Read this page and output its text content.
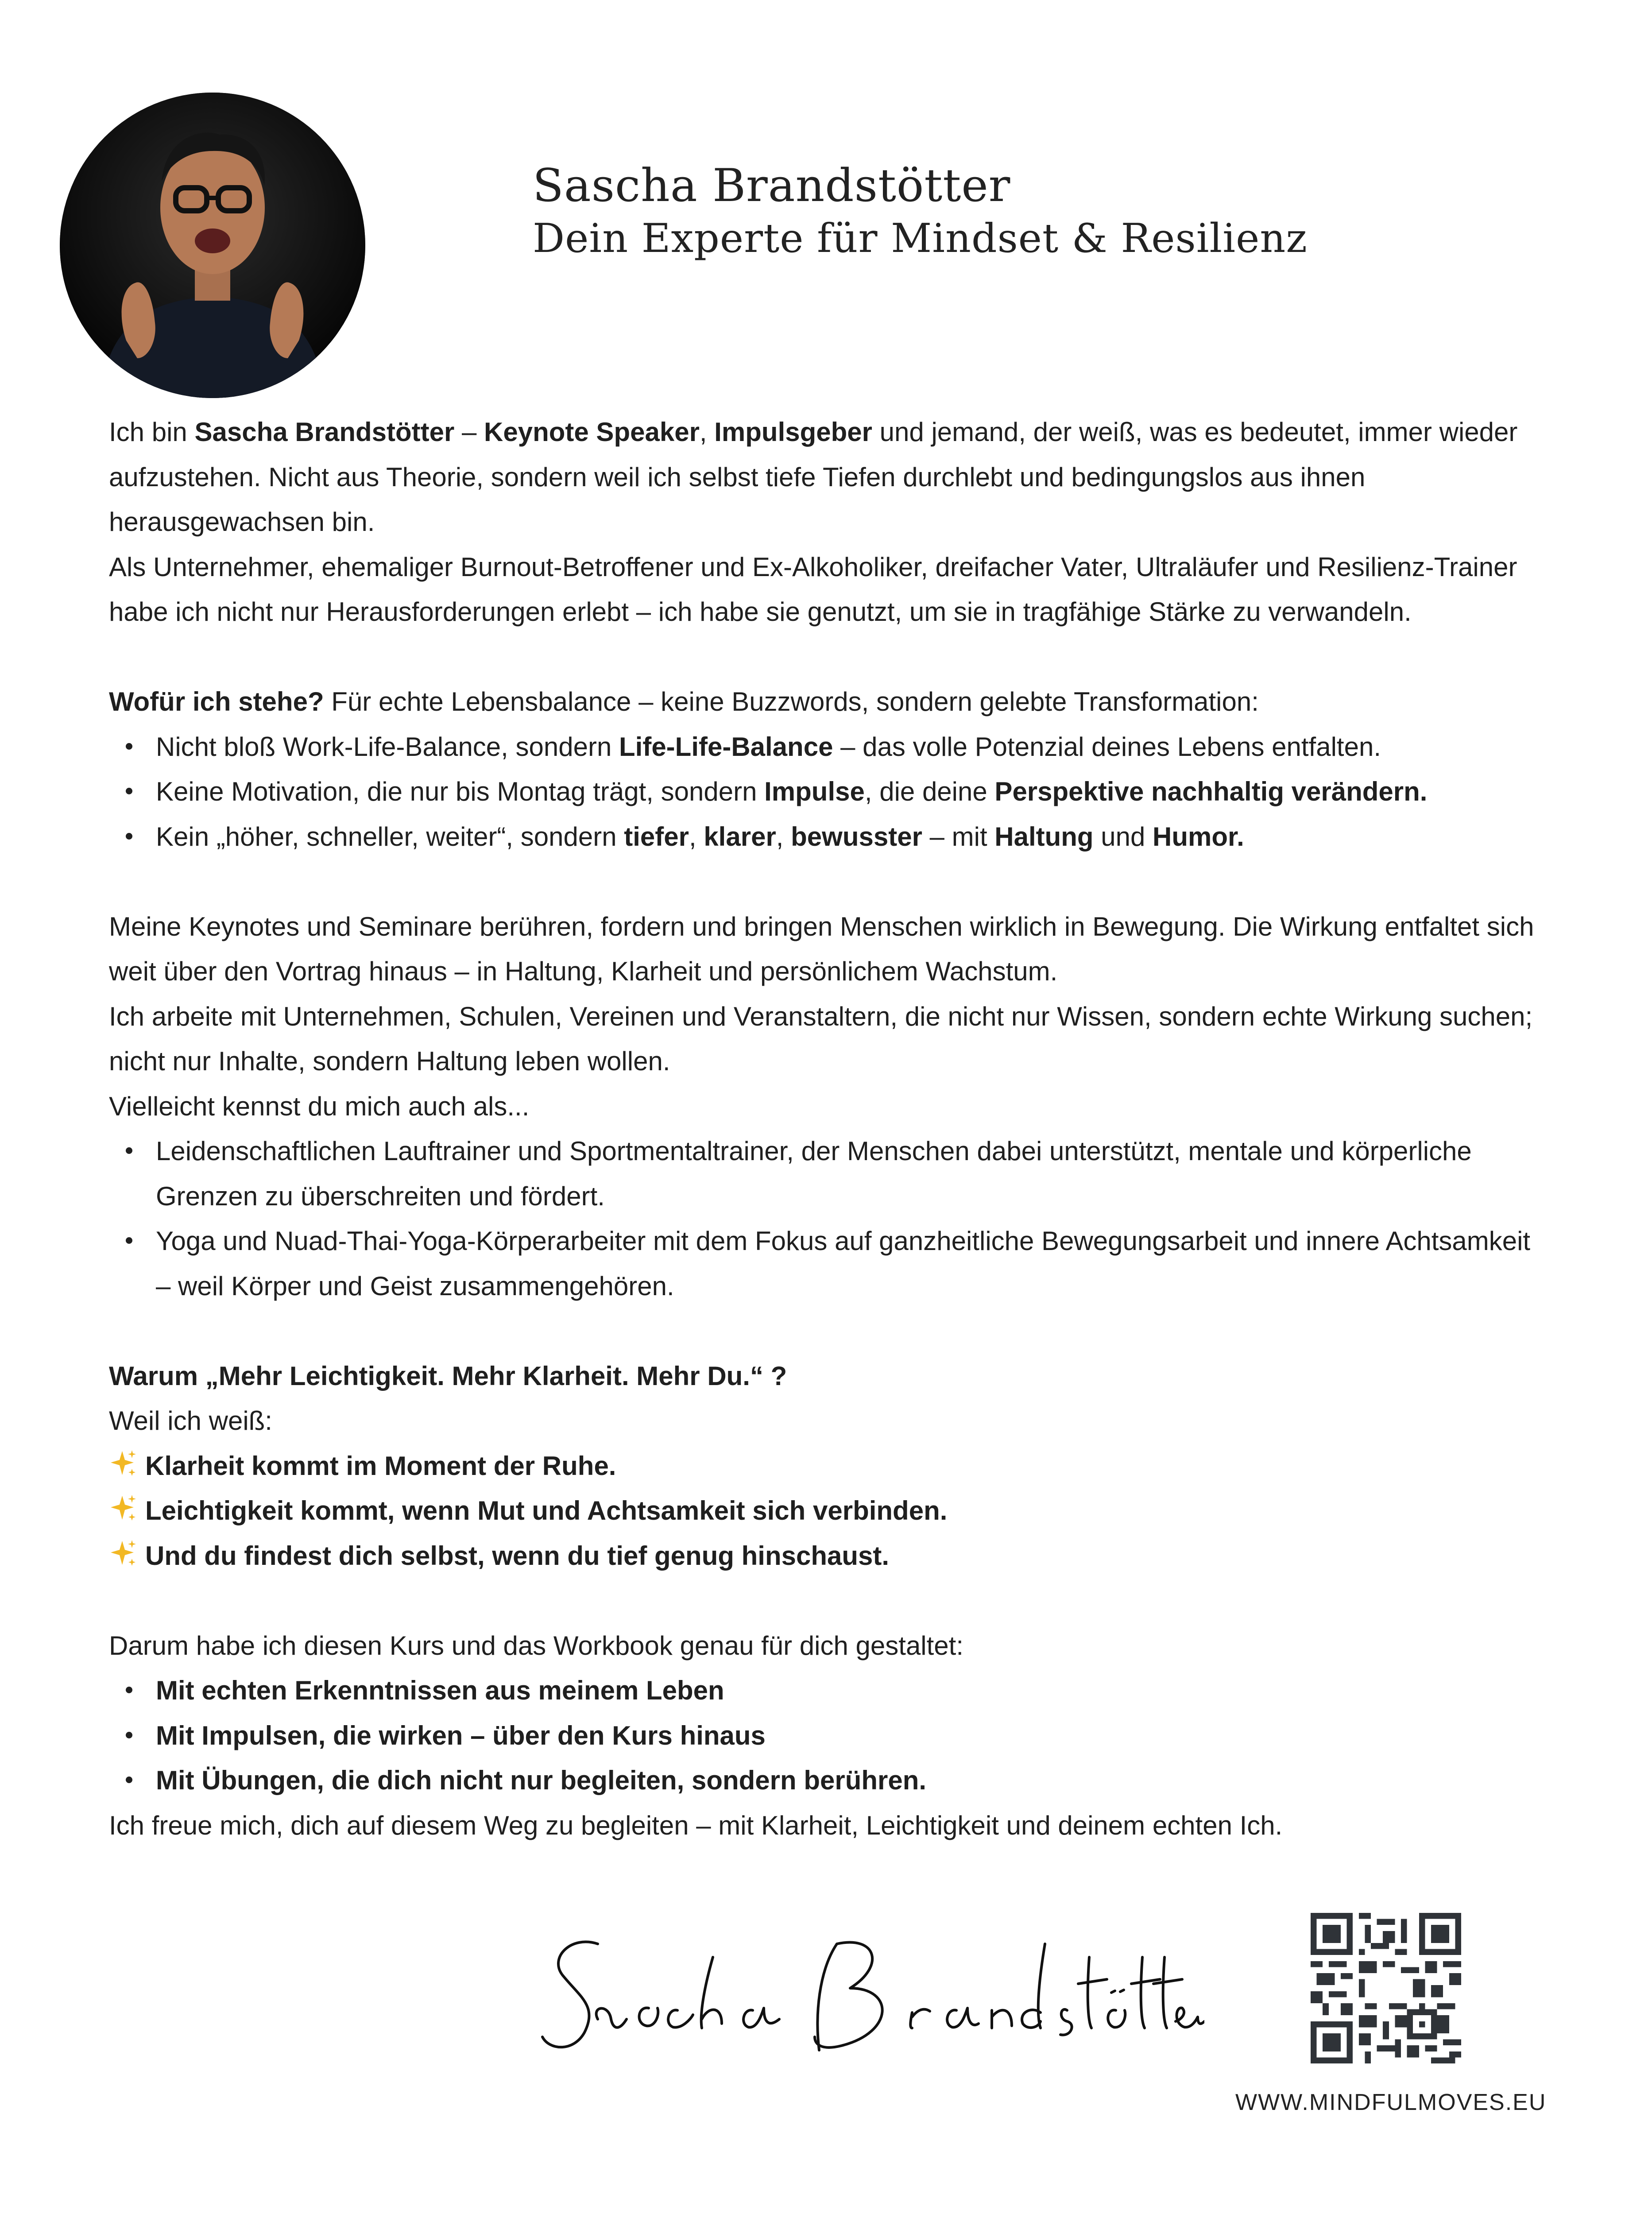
Sascha Brandstötter
Dein Experte für Mindset & Resilienz

Ich bin Sascha Brandstötter – Keynote Speaker, Impulsgeber und jemand, der weiß, was es bedeutet, immer wieder aufzustehen. Nicht aus Theorie, sondern weil ich selbst tiefe Tiefen durchlebt und bedingungslos aus ihnen herausgewachsen bin.

Als Unternehmer, ehemaliger Burnout-Betroffener und Ex-Alkoholiker, dreifacher Vater, Ultraläufer und Resilienz-Trainer habe ich nicht nur Herausforderungen erlebt – ich habe sie genutzt, um sie in tragfähige Stärke zu verwandeln.

Wofür ich stehe? Für echte Lebensbalance – keine Buzzwords, sondern gelebte Transformation:

Nicht bloß Work-Life-Balance, sondern Life-Life-Balance – das volle Potenzial deines Lebens entfalten.
Keine Motivation, die nur bis Montag trägt, sondern Impulse, die deine Perspektive nachhaltig verändern.
Kein „höher, schneller, weiter“, sondern tiefer, klarer, bewusster – mit Haltung und Humor.

Meine Keynotes und Seminare berühren, fordern und bringen Menschen wirklich in Bewegung. Die Wirkung entfaltet sich weit über den Vortrag hinaus – in Haltung, Klarheit und persönlichem Wachstum.

Ich arbeite mit Unternehmen, Schulen, Vereinen und Veranstaltern, die nicht nur Wissen, sondern echte Wirkung suchen; nicht nur Inhalte, sondern Haltung leben wollen.

Vielleicht kennst du mich auch als...

Leidenschaftlichen Lauftrainer und Sportmentaltrainer, der Menschen dabei unterstützt, mentale und körperliche Grenzen zu überschreiten und fördert.
Yoga und Nuad-Thai-Yoga-Körperarbeiter mit dem Fokus auf ganzheitliche Bewegungsarbeit und innere Achtsamkeit – weil Körper und Geist zusammengehören.

Warum „Mehr Leichtigkeit. Mehr Klarheit. Mehr Du.“ ?

Weil ich weiß:

Klarheit kommt im Moment der Ruhe.

Leichtigkeit kommt, wenn Mut und Achtsamkeit sich verbinden.

Und du findest dich selbst, wenn du tief genug hinschaust.

Darum habe ich diesen Kurs und das Workbook genau für dich gestaltet:

Mit echten Erkenntnissen aus meinem Leben
Mit Impulsen, die wirken – über den Kurs hinaus
Mit Übungen, die dich nicht nur begleiten, sondern berühren.

Ich freue mich, dich auf diesem Weg zu begleiten – mit Klarheit, Leichtigkeit und deinem echten Ich.

WWW.MINDFULMOVES.EU
